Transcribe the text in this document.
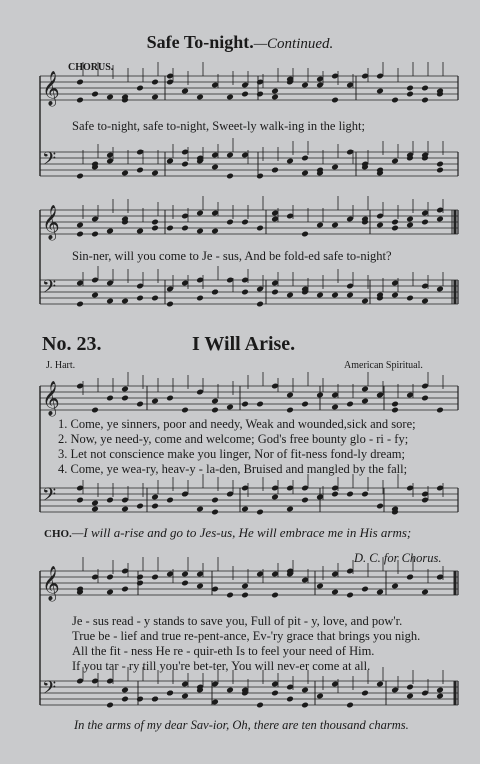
Safe To-night.—Continued.
𝄞
𝄢
𝄞
𝄢
𝄞
𝄢
𝄞
𝄢
CHORUS.
Safe to-night, safe to-night, Sweet-ly walk-ing in the light;
Sin-ner, will you come to Je - sus, And be fold-ed safe to-night?
No. 23.	I Will Arise.
J. Hart.	American Spiritual.
1. Come, ye sinners, poor and needy, Weak and wounded,sick and sore;
2. Now, ye need-y, come and welcome; God's free bounty glo - ri - fy;
3. Let not conscience make you linger, Nor of fit-ness fond-ly dream;
4. Come, ye wea-ry, heav-y - la-den, Bruised and mangled by the fall;
CHO.—I will a-rise and go to Jes-us, He will embrace me in His arms;
D. C. for Chorus.
Je - sus read - y stands to save you, Full of pit - y, love, and pow'r.
True be - lief and true re-pent-ance, Ev-'ry grace that brings you nigh.
All the fit - ness He re - quir-eth Is to feel your need of Him.
If you tar - ry till you're bet-ter, You will nev-er come at all.
In the arms of my dear Sav-ior, Oh, there are ten thousand charms.
